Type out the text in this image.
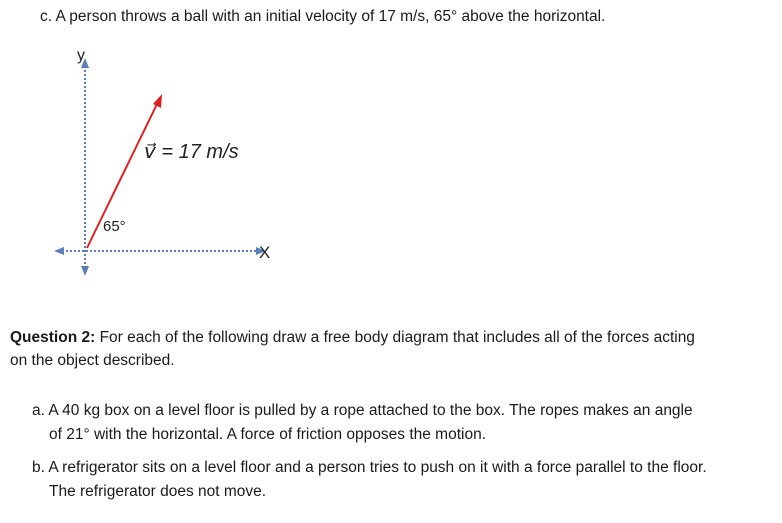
c. A person throws a ball with an initial velocity of 17 m/s, 65° above the horizontal.
y
X
v⃗ = 17 m/s
65°
Question 2: For each of the following draw a free body diagram that includes all of the forces acting
on the object described.
a. A 40 kg box on a level floor is pulled by a rope attached to the box. The ropes makes an angle
of 21° with the horizontal. A force of friction opposes the motion.
b. A refrigerator sits on a level floor and a person tries to push on it with a force parallel to the floor.
The refrigerator does not move.
